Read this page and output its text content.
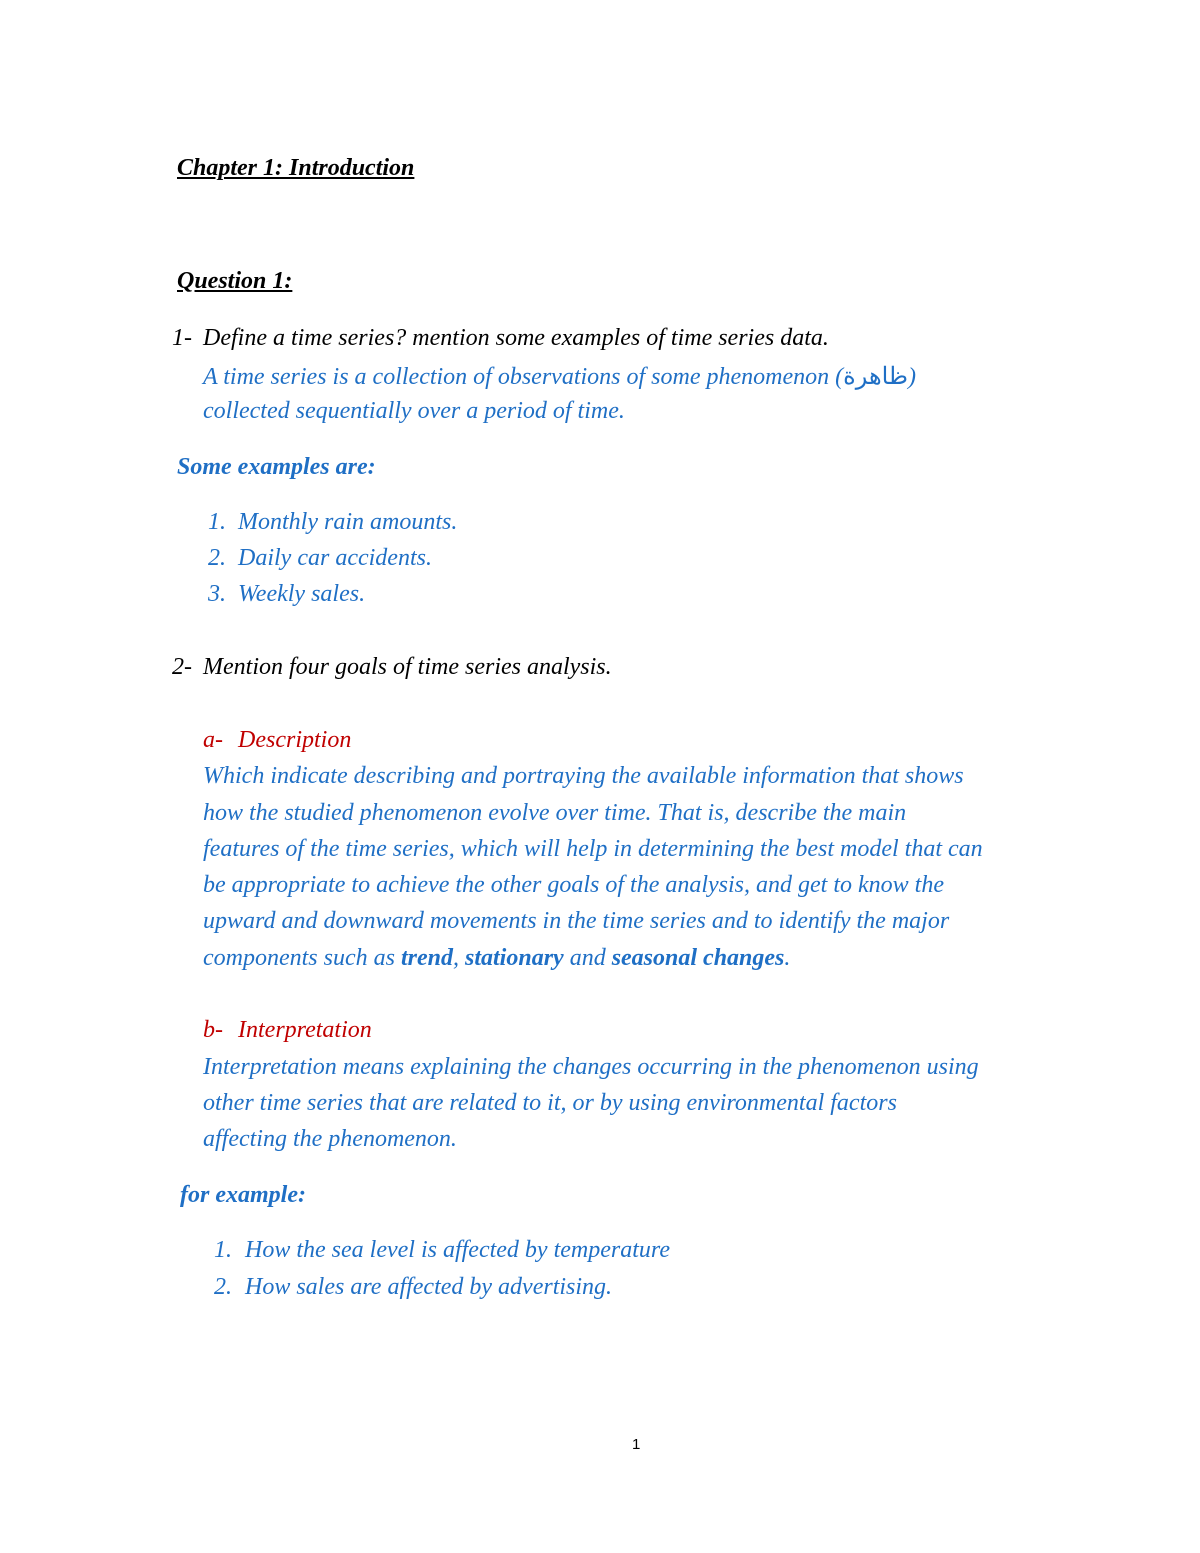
Chapter 1: Introduction
Question 1:
1- Define a time series? mention some examples of time series data.
A time series is a collection of observations of some phenomenon (ظاهرة)
collected sequentially over a period of time.
Some examples are:
1. Monthly rain amounts.
2. Daily car accidents.
3. Weekly sales.
2- Mention four goals of time series analysis.
a- Description
Which indicate describing and portraying the available information that shows
how the studied phenomenon evolve over time. That is, describe the main
features of the time series, which will help in determining the best model that can
be appropriate to achieve the other goals of the analysis, and get to know the
upward and downward movements in the time series and to identify the major
components such as trend, stationary and seasonal changes.
b- Interpretation
Interpretation means explaining the changes occurring in the phenomenon using
other time series that are related to it, or by using environmental factors
affecting the phenomenon.
for example:
1. How the sea level is affected by temperature
2. How sales are affected by advertising.
1
